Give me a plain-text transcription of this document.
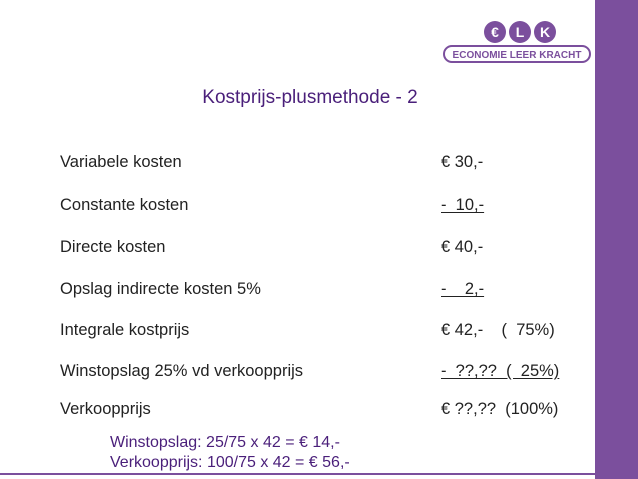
€ L K
ECONOMIE LEER KRACHT
Kostprijs-plusmethode - 2
Variabele kosten	€ 30,-
Constante kosten	-  10,-
Directe kosten	€ 40,-
Opslag indirecte kosten 5%	-    2,-
Integrale kostprijs	€ 42,-    (  75%)
Winstopslag 25% vd verkoopprijs	-  ??,??  (  25%)
Verkoopprijs	€ ??,??  (100%)
Winstopslag: 25/75 x 42 = € 14,-
Verkoopprijs: 100/75 x 42 = € 56,-
